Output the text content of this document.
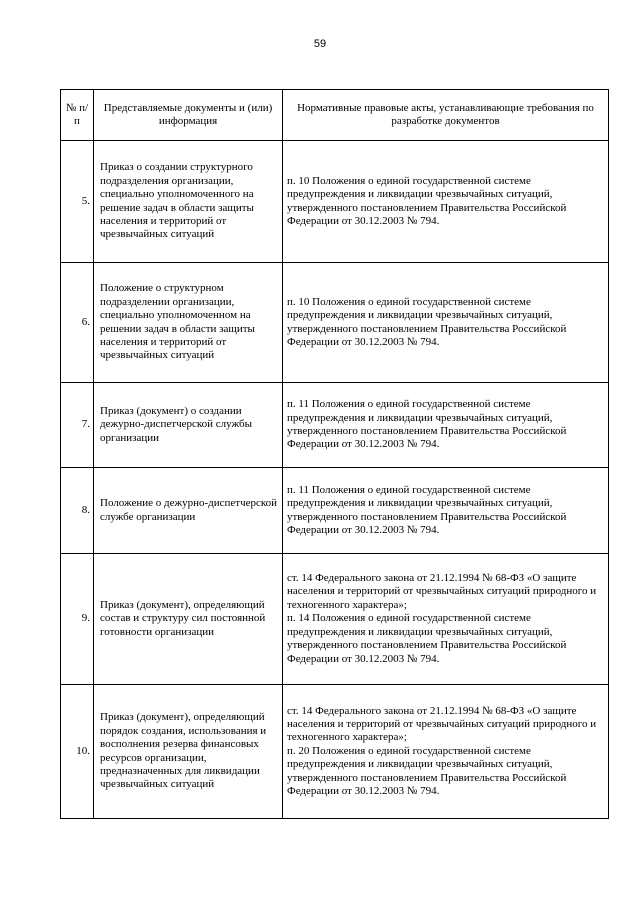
59
№ п/п	Представляемые документы и (или) информация	Нормативные правовые акты, устанавливающие требования по разработке документов
5.	Приказ о создании структурного подразделения организации, специально уполномоченного на решение задач в области защиты населения и территорий от чрезвычайных ситуаций	п. 10 Положения о единой государственной системе предупреждения и ликвидации чрезвычайных ситуаций, утвержденного постановлением Правительства Российской Федерации от 30.12.2003 № 794.

6.	Положение о структурном подразделении организации, специально уполномоченном на решении задач в области защиты населения и территорий от чрезвычайных ситуаций	п. 10 Положения о единой государственной системе предупреждения и ликвидации чрезвычайных ситуаций, утвержденного постановлением Правительства Российской Федерации от 30.12.2003 № 794.

7.	Приказ (документ) о создании дежурно-диспетчерской службы организации	п. 11 Положения о единой государственной системе предупреждения и ликвидации чрезвычайных ситуаций, утвержденного постановлением Правительства Российской Федерации от 30.12.2003 № 794.

8.	Положение о дежурно-диспетчерской службе организации	п. 11 Положения о единой государственной системе предупреждения и ликвидации чрезвычайных ситуаций, утвержденного постановлением Правительства Российской Федерации от 30.12.2003 № 794.

9.	Приказ (документ), определяющий состав и структуру сил постоянной готовности организации	ст. 14 Федерального закона от 21.12.1994 № 68-ФЗ «О защите населения и территорий от чрезвычайных ситуаций природного и техногенного характера»;
п. 14 Положения о единой государственной системе предупреждения и ликвидации чрезвычайных ситуаций, утвержденного постановлением Правительства Российской Федерации от 30.12.2003 № 794.

10.	Приказ (документ), определяющий порядок создания, использования и восполнения резерва финансовых ресурсов организации, предназначенных для ликвидации чрезвычайных ситуаций	ст. 14 Федерального закона от 21.12.1994 № 68-ФЗ «О защите населения и территорий от чрезвычайных ситуаций природного и техногенного характера»;
п. 20 Положения о единой государственной системе предупреждения и ликвидации чрезвычайных ситуаций, утвержденного постановлением Правительства Российской Федерации от 30.12.2003 № 794.
